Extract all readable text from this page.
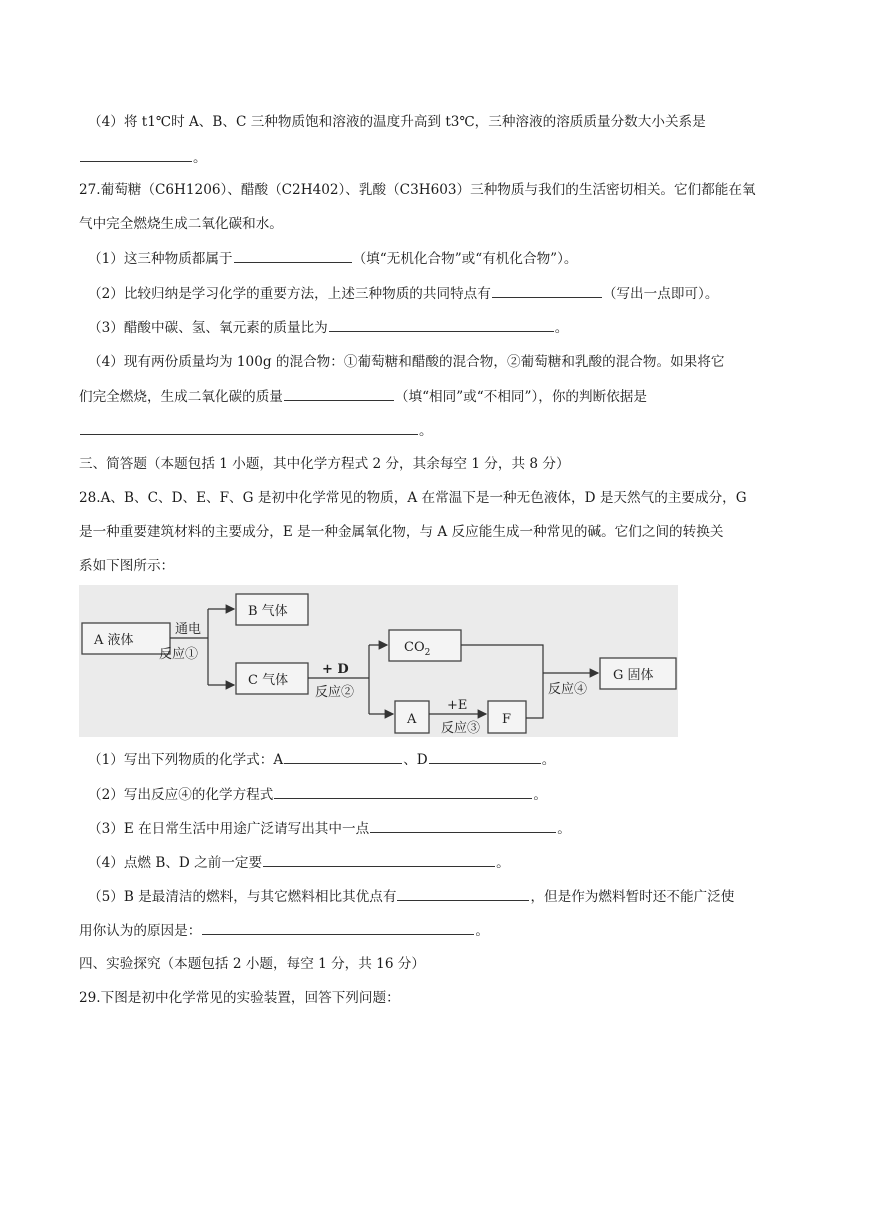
（4）将 t1℃时 A、B、C 三种物质饱和溶液的温度升高到 t3℃，三种溶液的溶质质量分数大小关系是
。
27.葡萄糖（C6H1206）、醋酸（C2H402）、乳酸（C3H603）三种物质与我们的生活密切相关。它们都能在氧
气中完全燃烧生成二氧化碳和水。
（1）这三种物质都属于	（填“无机化合物”或“有机化合物”）。
（2）比较归纳是学习化学的重要方法，上述三种物质的共同特点有	（写出一点即可）。
（3）醋酸中碳、氢、氧元素的质量比为	。
（4）现有两份质量均为 100g 的混合物：①葡萄糖和醋酸的混合物，②葡萄糖和乳酸的混合物。如果将它
们完全燃烧，生成二氧化碳的质量	（填“相同”或“不相同”），你的判断依据是
。
三、简答题（本题包括 1 小题，其中化学方程式 2 分，其余每空 1 分，共 8 分）
28.A、B、C、D、E、F、G 是初中化学常见的物质，A 在常温下是一种无色液体，D 是天然气的主要成分，G
是一种重要建筑材料的主要成分，E 是一种金属氧化物，与 A 反应能生成一种常见的碱。它们之间的转换关
系如下图所示：
A 液体
B 气体
C 气体
$CO_2$
A	F
G 固体
通电
反应①
+ D
反应②
+E
反应③
反应④
（1）写出下列物质的化学式：A	、D	。
（2）写出反应④的化学方程式	。
（3）E 在日常生活中用途广泛请写出其中一点	。
（4）点燃 B、D 之前一定要	。
（5）B 是最清洁的燃料，与其它燃料相比其优点有	，但是作为燃料暂时还不能广泛使
用你认为的原因是：	。
四、实验探究（本题包括 2 小题，每空 1 分，共 16 分）
29.下图是初中化学常见的实验装置，回答下列问题：
